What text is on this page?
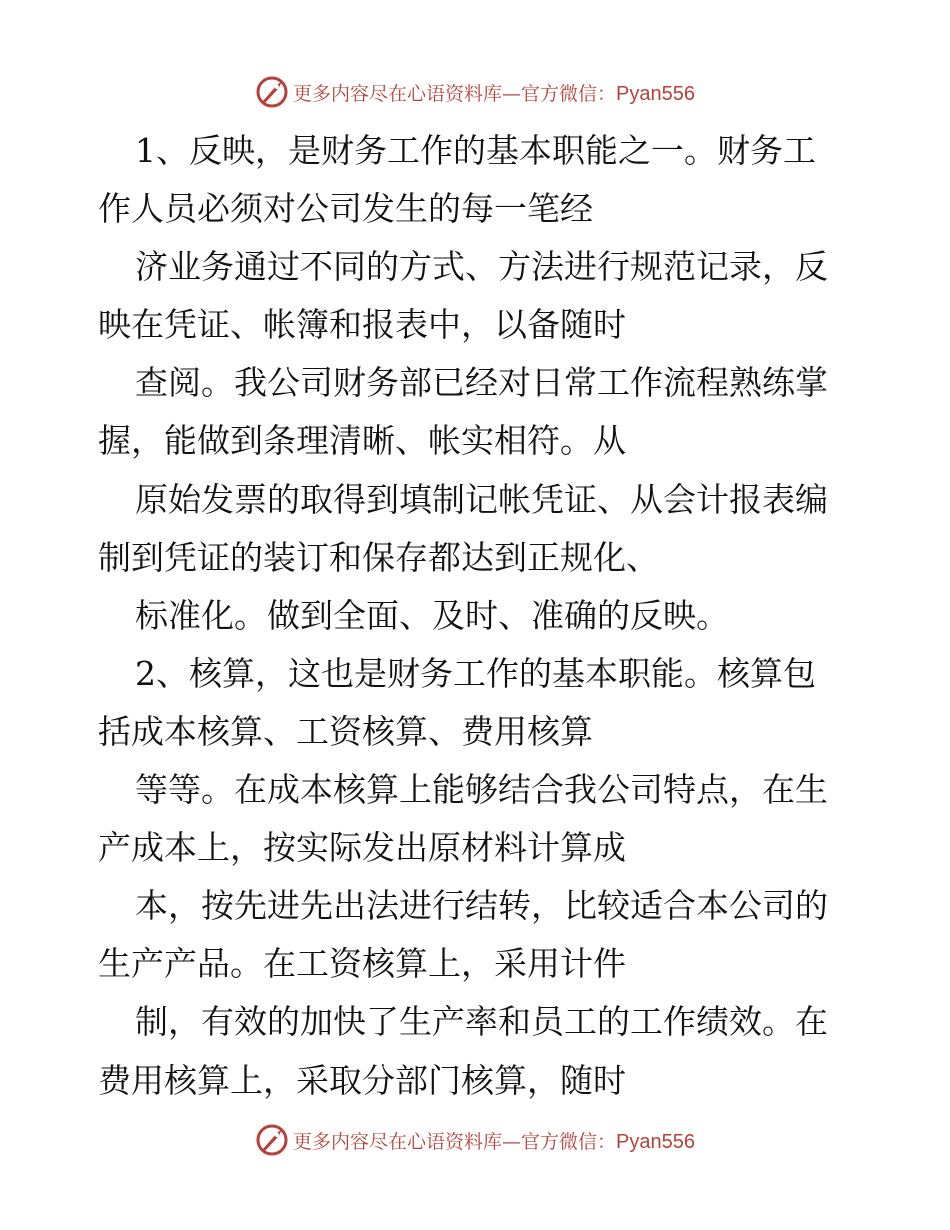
更多内容尽在心语资料库—官方微信：Pyan556
1、反映，是财务工作的基本职能之一。财务工
作人员必须对公司发生的每一笔经
济业务通过不同的方式、方法进行规范记录，反
映在凭证、帐簿和报表中，以备随时
查阅。我公司财务部已经对日常工作流程熟练掌
握，能做到条理清晰、帐实相符。从
原始发票的取得到填制记帐凭证、从会计报表编
制到凭证的装订和保存都达到正规化、
标准化。做到全面、及时、准确的反映。
2、核算，这也是财务工作的基本职能。核算包
括成本核算、工资核算、费用核算
等等。在成本核算上能够结合我公司特点，在生
产成本上，按实际发出原材料计算成
本，按先进先出法进行结转，比较适合本公司的
生产产品。在工资核算上，采用计件
制，有效的加快了生产率和员工的工作绩效。在
费用核算上，采取分部门核算，随时
更多内容尽在心语资料库—官方微信：Pyan556
